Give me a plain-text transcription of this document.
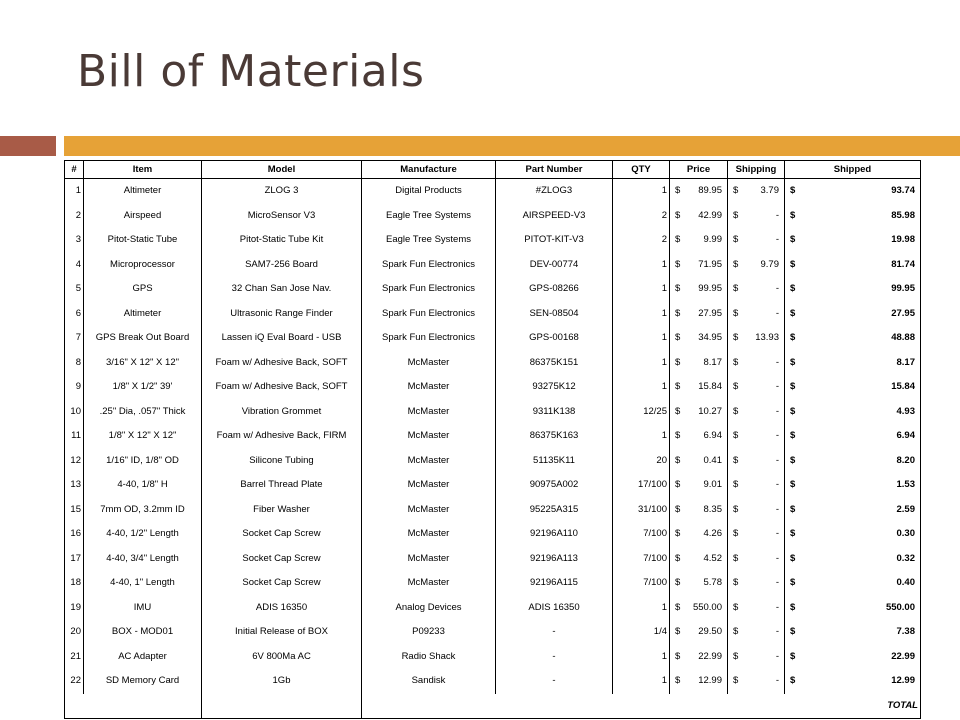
Bill of Materials
#	Item	Model	Manufacture	Part Number	QTY	Price	Shipping	Shipped	
1	Altimeter	ZLOG 3	Digital Products	#ZLOG3	1	$ 89.95	$ 3.79	$ 93.74	

2	Airspeed	MicroSensor V3	Eagle Tree Systems	AIRSPEED-V3	2	$ 42.99	$ -	$ 85.98	

3	Pitot-Static Tube	Pitot-Static Tube Kit	Eagle Tree Systems	PITOT-KIT-V3	2	$ 9.99	$ -	$ 19.98	

4	Microprocessor	SAM7-256 Board	Spark Fun Electronics	DEV-00774	1	$ 71.95	$ 9.79	$ 81.74	

5	GPS	32 Chan San Jose Nav.	Spark Fun Electronics	GPS-08266	1	$ 99.95	$ -	$ 99.95	

6	Altimeter	Ultrasonic Range Finder	Spark Fun Electronics	SEN-08504	1	$ 27.95	$ -	$ 27.95	

7	GPS Break Out Board	Lassen iQ Eval Board - USB	Spark Fun Electronics	GPS-00168	1	$ 34.95	$ 13.93	$ 48.88	

8	3/16" X 12" X 12"	Foam w/ Adhesive Back, SOFT	McMaster	86375K151	1	$ 8.17	$ -	$ 8.17	

9	1/8" X 1/2" 39'	Foam w/ Adhesive Back, SOFT	McMaster	93275K12	1	$ 15.84	$ -	$ 15.84	

10	.25" Dia, .057" Thick	Vibration Grommet	McMaster	9311K138	12/25	$ 10.27	$ -	$ 4.93	

11	1/8" X 12" X 12"	Foam w/ Adhesive Back, FIRM	McMaster	86375K163	1	$ 6.94	$ -	$ 6.94	

12	1/16" ID, 1/8" OD	Silicone Tubing	McMaster	51135K11	20	$ 0.41	$ -	$ 8.20	

13	4-40, 1/8" H	Barrel Thread Plate	McMaster	90975A002	17/100	$ 9.01	$ -	$ 1.53	

15	7mm OD, 3.2mm ID	Fiber Washer	McMaster	95225A315	31/100	$ 8.35	$ -	$ 2.59	

16	4-40, 1/2" Length	Socket Cap Screw	McMaster	92196A110	7/100	$ 4.26	$ -	$ 0.30	

17	4-40, 3/4" Length	Socket Cap Screw	McMaster	92196A113	7/100	$ 4.52	$ -	$ 0.32	

18	4-40, 1" Length	Socket Cap Screw	McMaster	92196A115	7/100	$ 5.78	$ -	$ 0.40	

19	IMU	ADIS 16350	Analog Devices	ADIS 16350	1	$ 550.00	$ -	$ 550.00	

20	BOX - MOD01	Initial Release of BOX	P09233	-	1/4	$ 29.50	$ -	$ 7.38	

21	AC Adapter	6V 800Ma AC	Radio Shack	-	1	$ 22.99	$ -	$ 22.99	

22	SD Memory Card	1Gb	Sandisk	-	1	$ 12.99	$ -	$ 12.99	

								TOTAL	
